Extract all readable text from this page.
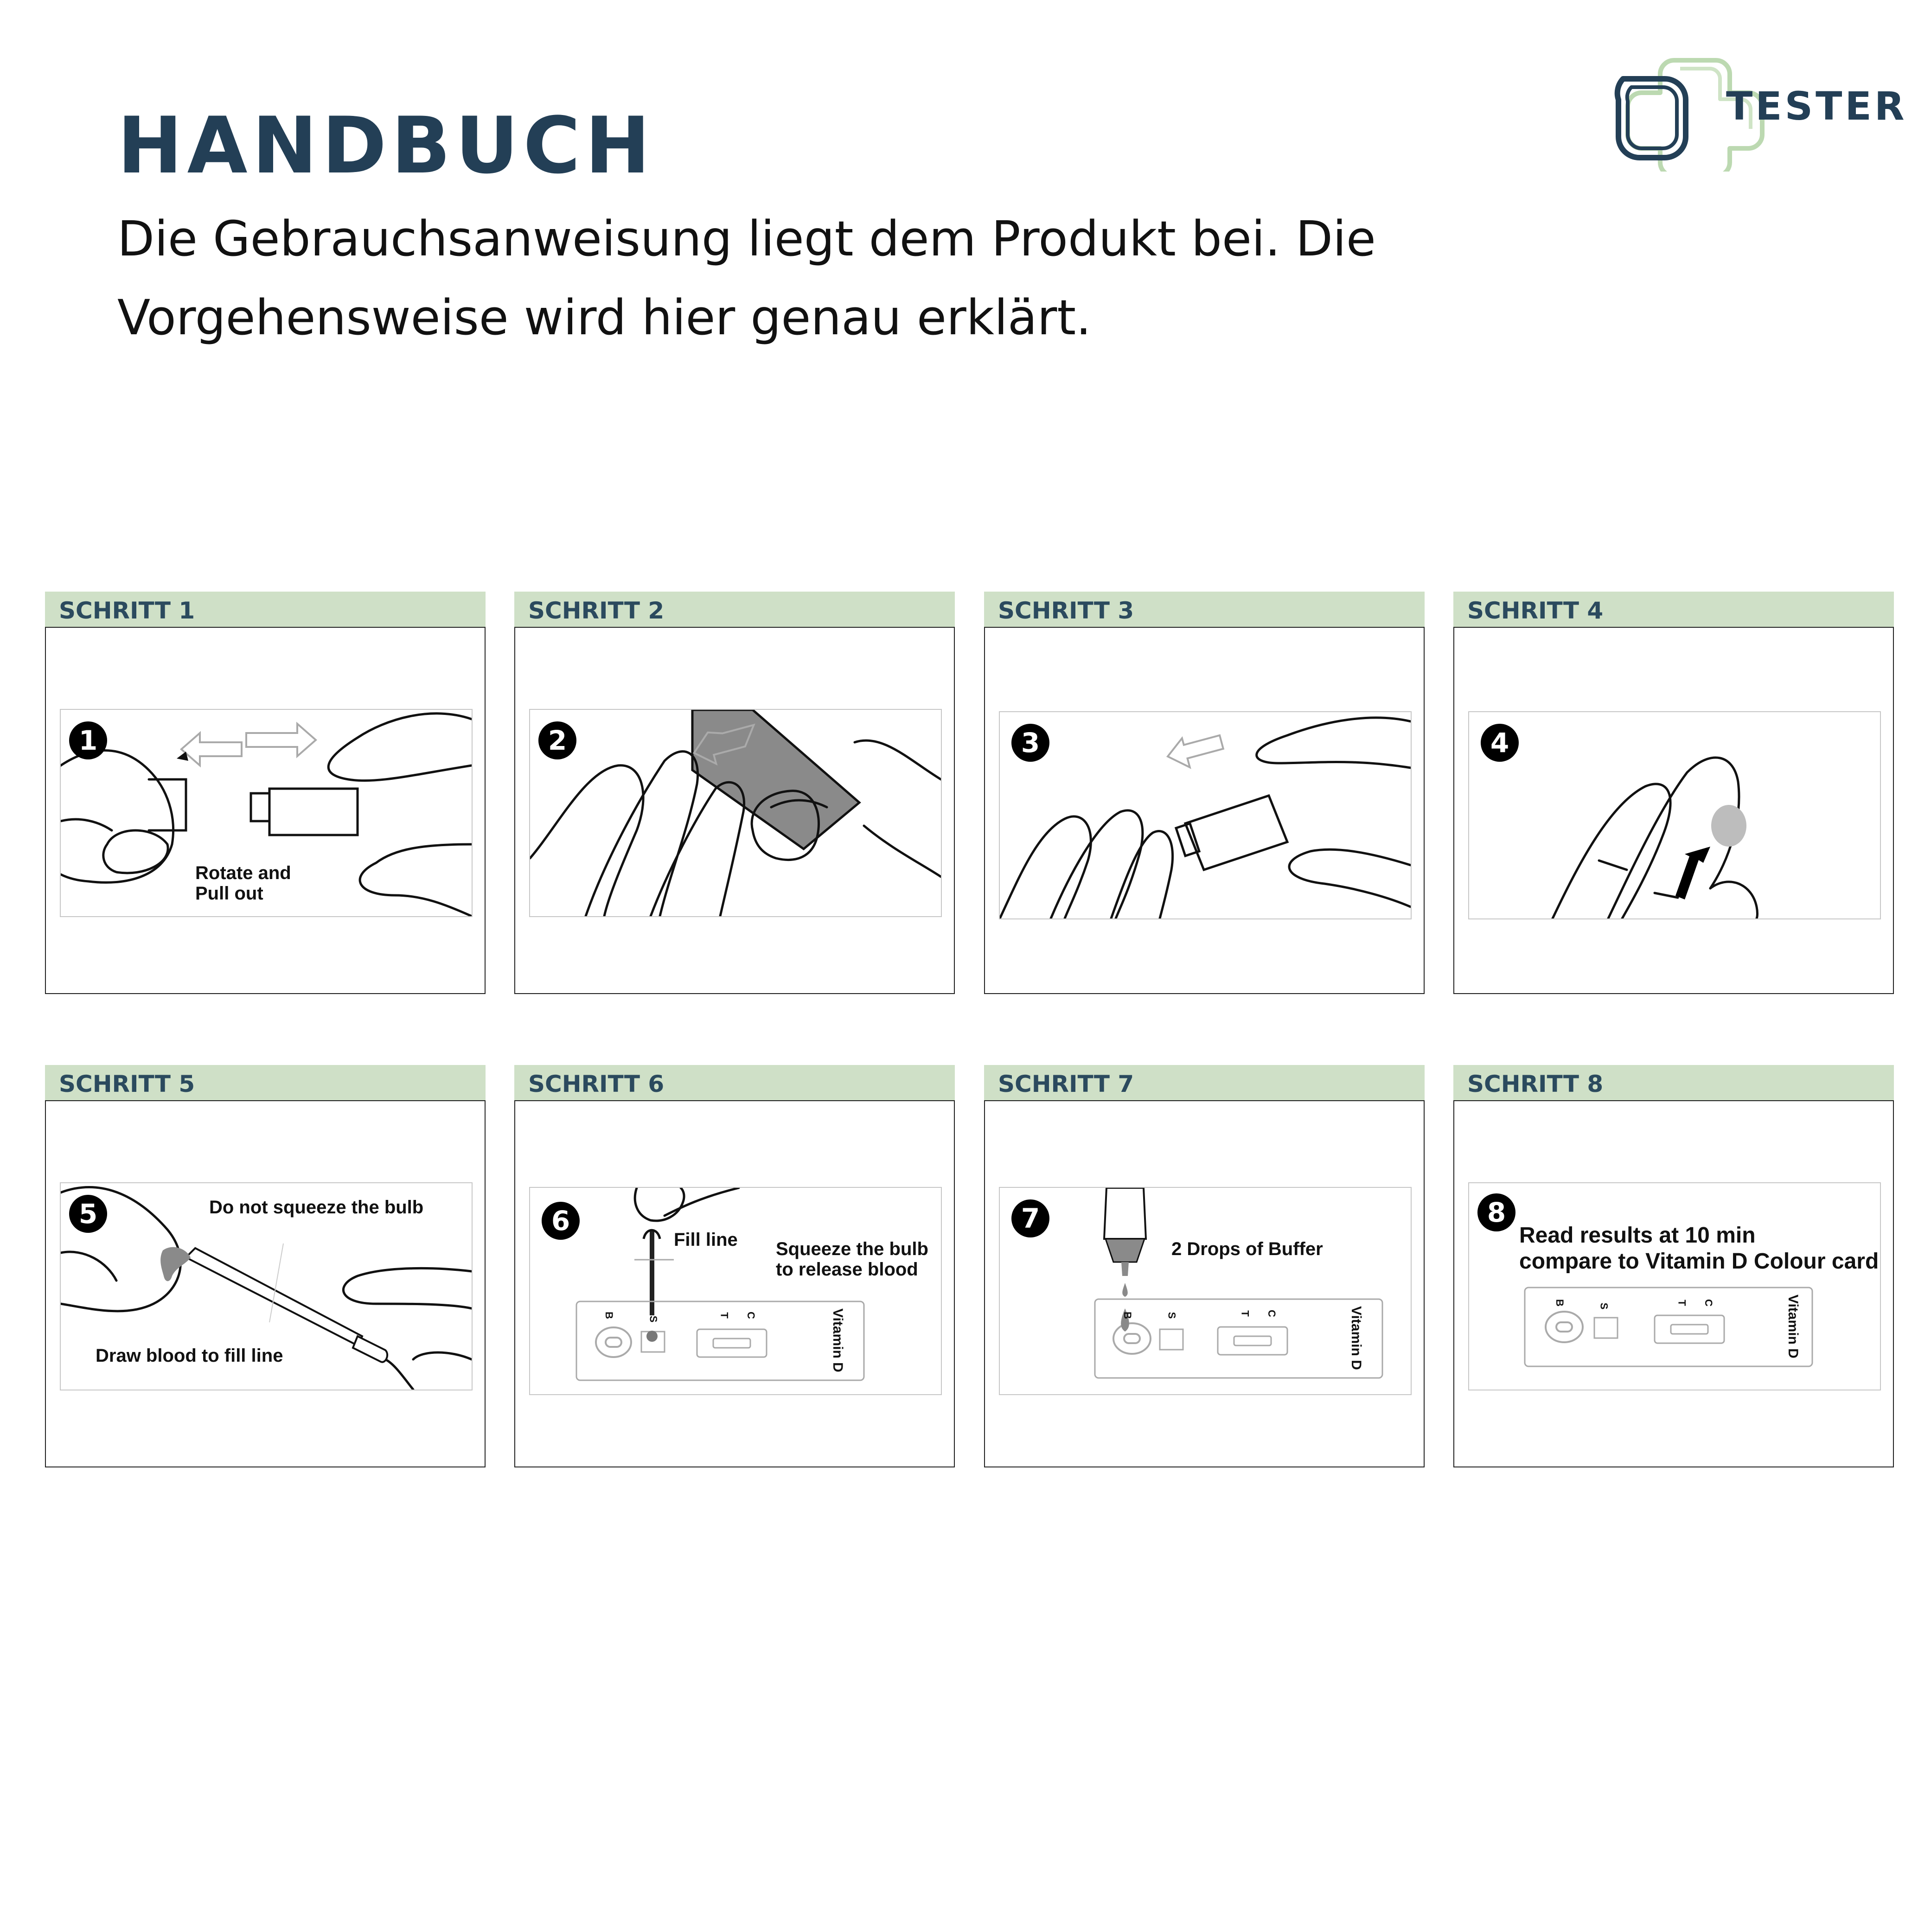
HANDBUCH

Die Gebrauchsanweisung liegt dem Produkt bei. Die Vorgehensweise wird hier genau erklärt.

TESTER
SCHRITT 1
1
Rotate and
Pull out
SCHRITT 2
2
SCHRITT 3
3
SCHRITT 4
4
SCHRITT 5
5	Do not squeeze the bulb
Draw blood to fill line
SCHRITT 6
6
Fill line Squeeze the bulb
to release blood
B
S
T C	Vitamin D
SCHRITT 7
7
2 Drops of Buffer
B	S	T C	Vitamin D
SCHRITT 8
8
Read results at 10 min
compare to Vitamin D Colour card
B	S	T C	Vitamin D
